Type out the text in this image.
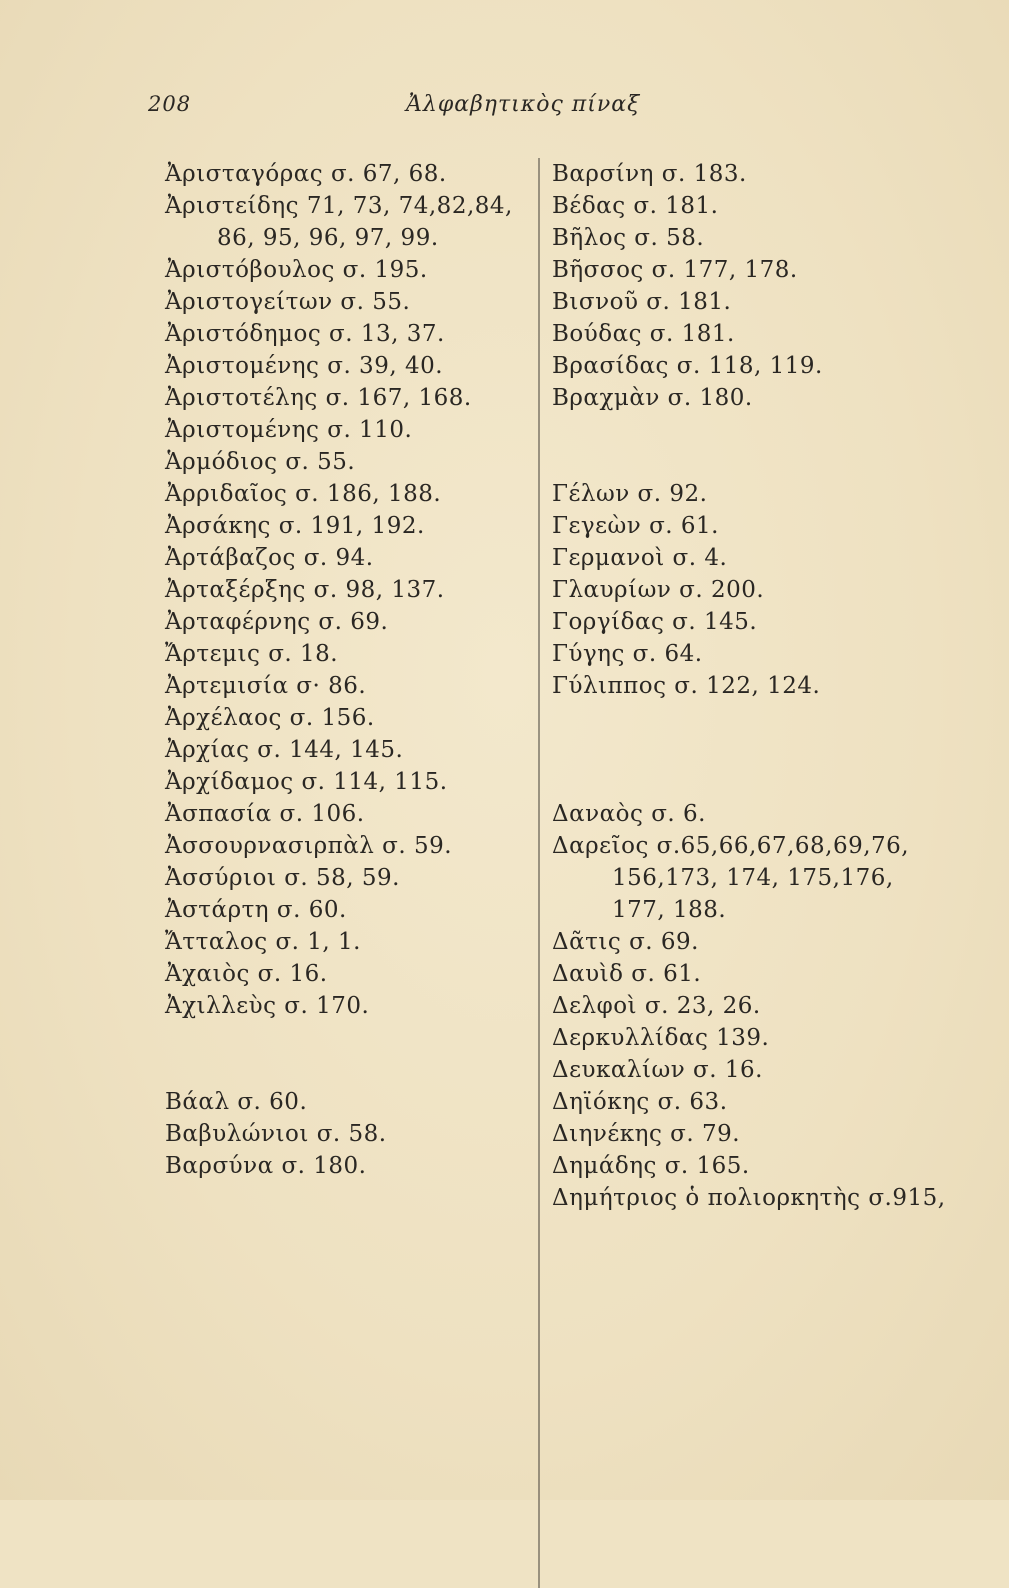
208	Ἀλφαβητικὸς πίναξ
Ἀρισταγόρας σ. 67, 68.
Ἀριστείδης 71, 73, 74,82,84,
86, 95, 96, 97, 99.
Ἀριστόβουλος σ. 195.
Ἀριστογείτων σ. 55.
Ἀριστόδημος σ. 13, 37.
Ἀριστομένης σ. 39, 40.
Ἀριστοτέλης σ. 167, 168.
Ἀριστομένης σ. 110.
Ἁρμόδιος σ. 55.
Ἀρριδαῖος σ. 186, 188.
Ἀρσάκης σ. 191, 192.
Ἀρτάβαζος σ. 94.
Ἀρταξέρξης σ. 98, 137.
Ἀρταφέρνης σ. 69.
Ἄρτεμις σ. 18.
Ἀρτεμισία σ· 86.
Ἀρχέλαος σ. 156.
Ἀρχίας σ. 144, 145.
Ἀρχίδαμος σ. 114, 115.
Ἀσπασία σ. 106.
Ἀσσουρνασιρπὰλ σ. 59.
Ἀσσύριοι σ. 58, 59.
Ἀστάρτη σ. 60.
Ἄτταλος σ. 1, 1.
Ἀχαιὸς σ. 16.
Ἀχιλλεὺς σ. 170.
Βάαλ σ. 60.
Βαβυλώνιοι σ. 58.
Βαρσύνα σ. 180.
Βαρσίνη σ. 183.
Βέδας σ. 181.
Βῆλος σ. 58.
Βῆσσος σ. 177, 178.
Βισνοῦ σ. 181.
Βούδας σ. 181.
Βρασίδας σ. 118, 119.
Βραχμὰν σ. 180.
Γέλων σ. 92.
Γεγεὼν σ. 61.
Γερμανοὶ σ. 4.
Γλαυρίων σ. 200.
Γοργίδας σ. 145.
Γύγης σ. 64.
Γύλιππος σ. 122, 124.
Δαναὸς σ. 6.
Δαρεῖος σ.65,66,67,68,69,76,
156,173, 174, 175,176,
177, 188.
Δᾶτις σ. 69.
Δαυὶδ σ. 61.
Δελφοὶ σ. 23, 26.
Δερκυλλίδας 139.
Δευκαλίων σ. 16.
Δηϊόκης σ. 63.
Διηνέκης σ. 79.
Δημάδης σ. 165.
Δημήτριος ὁ πολιορκητὴς σ.915,
